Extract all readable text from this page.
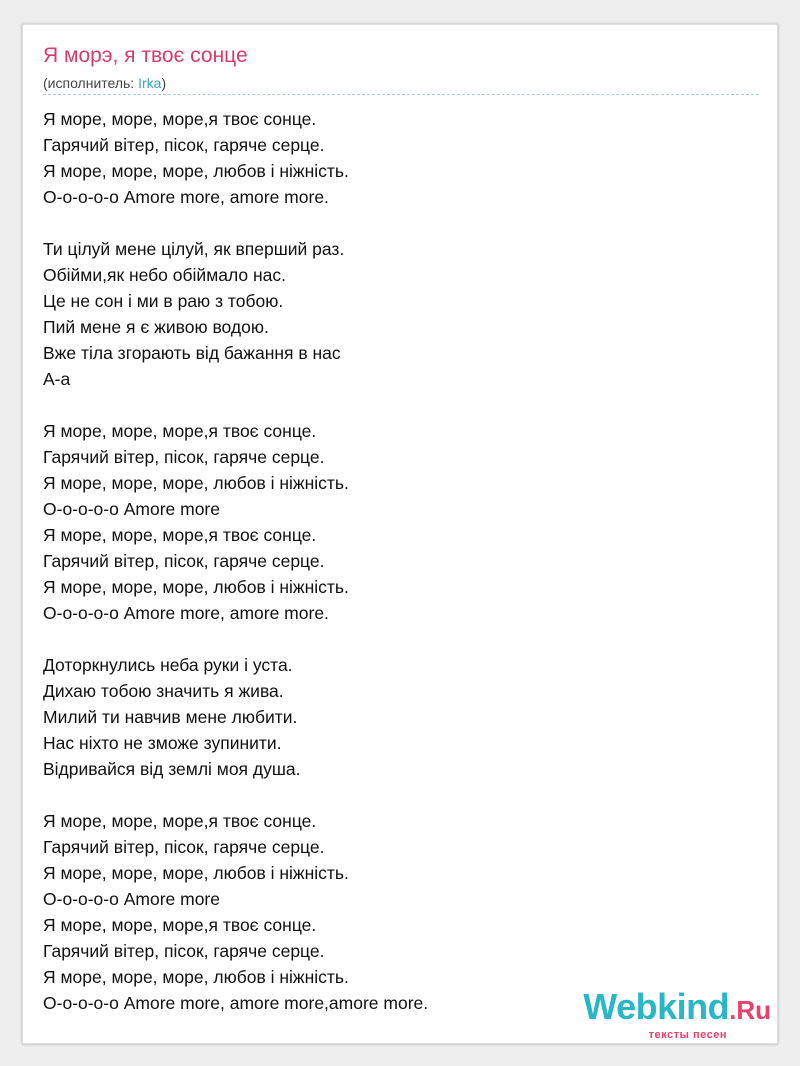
Я морэ, я твоє сонце
(исполнитель: Irka)
Я море, море, море,я твоє сонце.
Гарячий вітер, пісок, гаряче серце.
Я море, море, море, любов і ніжність.
О-о-о-о-о Amore more, amore more.
Ти цілуй мене цілуй, як вперший раз.
Обійми,як небо обіймало нас.
Це не сон і ми в раю з тобою.
Пий мене я є живою водою.
Вже тіла згорають від бажання в нас
А-а
Я море, море, море,я твоє сонце.
Гарячий вітер, пісок, гаряче серце.
Я море, море, море, любов і ніжність.
О-о-о-о-о Amore more
Я море, море, море,я твоє сонце.
Гарячий вітер, пісок, гаряче серце.
Я море, море, море, любов і ніжність.
О-о-о-о-о Amore more, amore more.
Доторкнулись неба руки і уста.
Дихаю тобою значить я жива.
Милий ти навчив мене любити.
Нас ніхто не зможе зупинити.
Відривайся від землі моя душа.
Я море, море, море,я твоє сонце.
Гарячий вітер, пісок, гаряче серце.
Я море, море, море, любов і ніжність.
О-о-о-о-о Amore more
Я море, море, море,я твоє сонце.
Гарячий вітер, пісок, гаряче серце.
Я море, море, море, любов і ніжність.
О-о-о-о-о Amore more, amore more,amore more.	Webkind.Ru
тексты песен
